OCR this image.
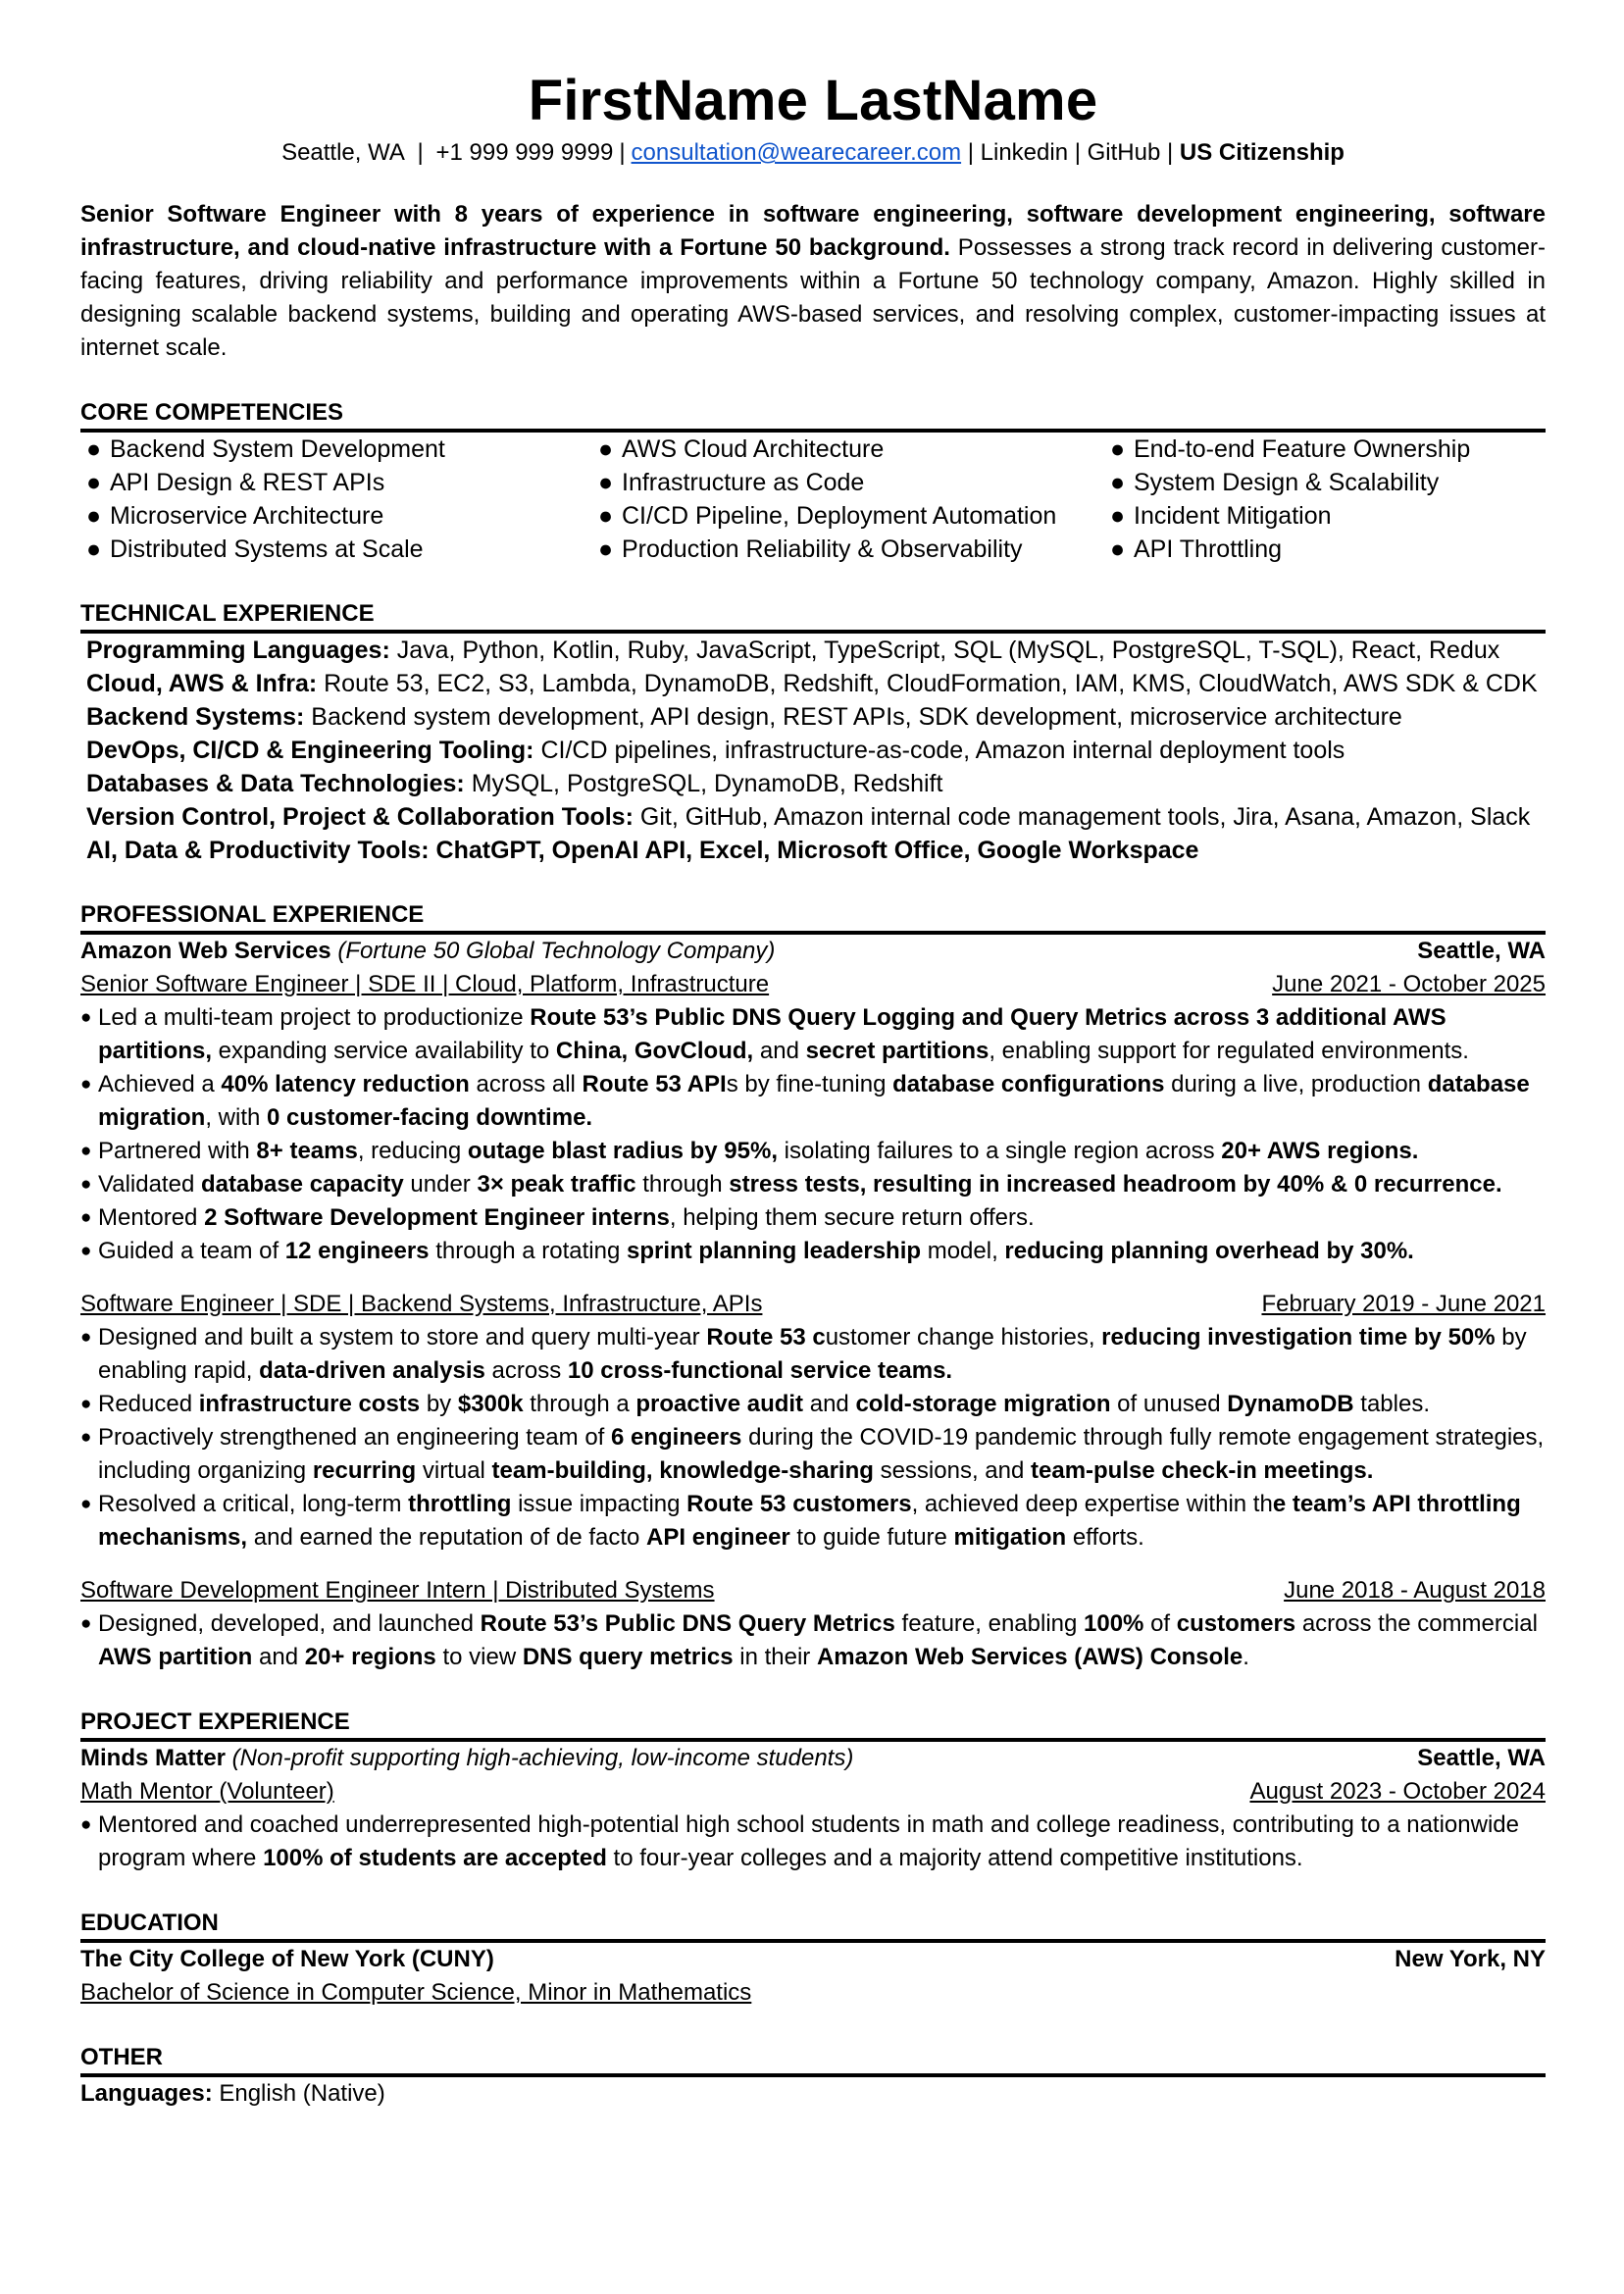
FirstName LastName
Seattle, WA | +1 999 999 9999 | consultation@wearecareer.com | Linkedin | GitHub | US Citizenship
Senior Software Engineer with 8 years of experience in software engineering, software development engineering, software infrastructure, and cloud-native infrastructure with a Fortune 50 background. Possesses a strong track record in delivering customer-facing features, driving reliability and performance improvements within a Fortune 50 technology company, Amazon. Highly skilled in designing scalable backend systems, building and operating AWS-based services, and resolving complex, customer-impacting issues at internet scale.
CORE COMPETENCIES
● Backend System Development	● AWS Cloud Architecture	● End-to-end Feature Ownership
● API Design & REST APIs	● Infrastructure as Code	● System Design & Scalability
● Microservice Architecture	● CI/CD Pipeline, Deployment Automation	● Incident Mitigation
● Distributed Systems at Scale	● Production Reliability & Observability	● API Throttling
TECHNICAL EXPERIENCE
Programming Languages: Java, Python, Kotlin, Ruby, JavaScript, TypeScript, SQL (MySQL, PostgreSQL, T-SQL), React, Redux
Cloud, AWS & Infra: Route 53, EC2, S3, Lambda, DynamoDB, Redshift, CloudFormation, IAM, KMS, CloudWatch, AWS SDK & CDK
Backend Systems: Backend system development, API design, REST APIs, SDK development, microservice architecture
DevOps, CI/CD & Engineering Tooling: CI/CD pipelines, infrastructure-as-code, Amazon internal deployment tools
Databases & Data Technologies: MySQL, PostgreSQL, DynamoDB, Redshift
Version Control, Project & Collaboration Tools: Git, GitHub, Amazon internal code management tools, Jira, Asana, Amazon, Slack
AI, Data & Productivity Tools: ChatGPT, OpenAI API, Excel, Microsoft Office, Google Workspace
PROFESSIONAL EXPERIENCE
Amazon Web Services (Fortune 50 Global Technology Company)	Seattle, WA
Senior Software Engineer | SDE II | Cloud, Platform, Infrastructure	June 2021 - October 2025
● Led a multi-team project to productionize Route 53’s Public DNS Query Logging and Query Metrics across 3 additional AWS partitions, expanding service availability to China, GovCloud, and secret partitions, enabling support for regulated environments.
● Achieved a 40% latency reduction across all Route 53 APIs by fine-tuning database configurations during a live, production database migration, with 0 customer-facing downtime.
● Partnered with 8+ teams, reducing outage blast radius by 95%, isolating failures to a single region across 20+ AWS regions.
● Validated database capacity under 3× peak traffic through stress tests, resulting in increased headroom by 40% & 0 recurrence.
● Mentored 2 Software Development Engineer interns, helping them secure return offers.
● Guided a team of 12 engineers through a rotating sprint planning leadership model, reducing planning overhead by 30%.
Software Engineer | SDE | Backend Systems, Infrastructure, APIs	February 2019 - June 2021
● Designed and built a system to store and query multi-year Route 53 customer change histories, reducing investigation time by 50% by enabling rapid, data-driven analysis across 10 cross-functional service teams.
● Reduced infrastructure costs by $300k through a proactive audit and cold-storage migration of unused DynamoDB tables.
● Proactively strengthened an engineering team of 6 engineers during the COVID-19 pandemic through fully remote engagement strategies, including organizing recurring virtual team-building, knowledge-sharing sessions, and team-pulse check-in meetings.
● Resolved a critical, long-term throttling issue impacting Route 53 customers, achieved deep expertise within the team’s API throttling mechanisms, and earned the reputation of de facto API engineer to guide future mitigation efforts.
Software Development Engineer Intern | Distributed Systems	June 2018 - August 2018
● Designed, developed, and launched Route 53’s Public DNS Query Metrics feature, enabling 100% of customers across the commercial AWS partition and 20+ regions to view DNS query metrics in their Amazon Web Services (AWS) Console.
PROJECT EXPERIENCE
Minds Matter (Non-profit supporting high-achieving, low-income students)	Seattle, WA
Math Mentor (Volunteer)	August 2023 - October 2024
● Mentored and coached underrepresented high-potential high school students in math and college readiness, contributing to a nationwide program where 100% of students are accepted to four-year colleges and a majority attend competitive institutions.
EDUCATION
The City College of New York (CUNY)	New York, NY
Bachelor of Science in Computer Science, Minor in Mathematics
OTHER
Languages: English (Native)
